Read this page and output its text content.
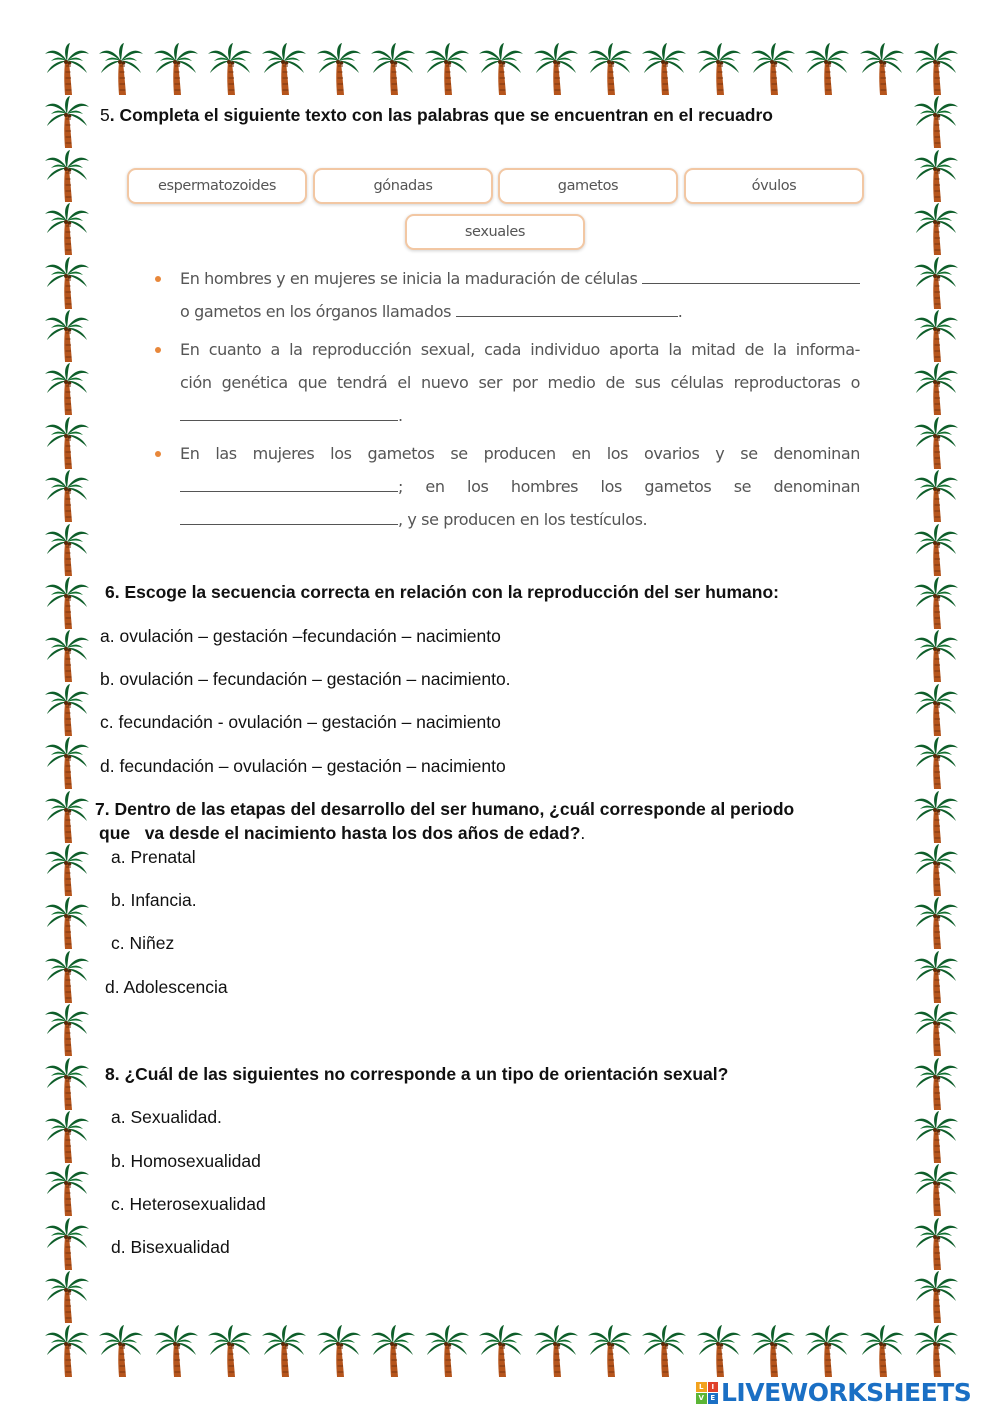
5. Completa el siguiente texto con las palabras que se encuentran en el recuadro
espermatozoides	gónadas	gametos	óvulos
sexuales
En hombres y en mujeres se inicia la maduración de células
o gametos en los órganos llamados	.
En cuanto a la reproducción sexual, cada individuo aporta la mitad de la informa-
ción genética que tendrá el nuevo ser por medio de sus células reproductoras o
.
En las mujeres los gametos se producen en los ovarios y se denominan
; en los hombres los gametos se denominan
, y se producen en los testículos.
6. Escoge la secuencia correcta en relación con la reproducción del ser humano:
a. ovulación – gestación –fecundación – nacimiento
b. ovulación – fecundación – gestación – nacimiento.
c. fecundación - ovulación – gestación – nacimiento
d. fecundación – ovulación – gestación – nacimiento
7. Dentro de las etapas del desarrollo del ser humano, ¿cuál corresponde al periodo
que   va desde el nacimiento hasta los dos años de edad?.
a. Prenatal
b. Infancia.
c. Niñez
d. Adolescencia
8. ¿Cuál de las siguientes no corresponde a un tipo de orientación sexual?
a. Sexualidad.
b. Homosexualidad
c. Heterosexualidad
d. Bisexualidad
L	I
V E LIVEWORKSHEETS
